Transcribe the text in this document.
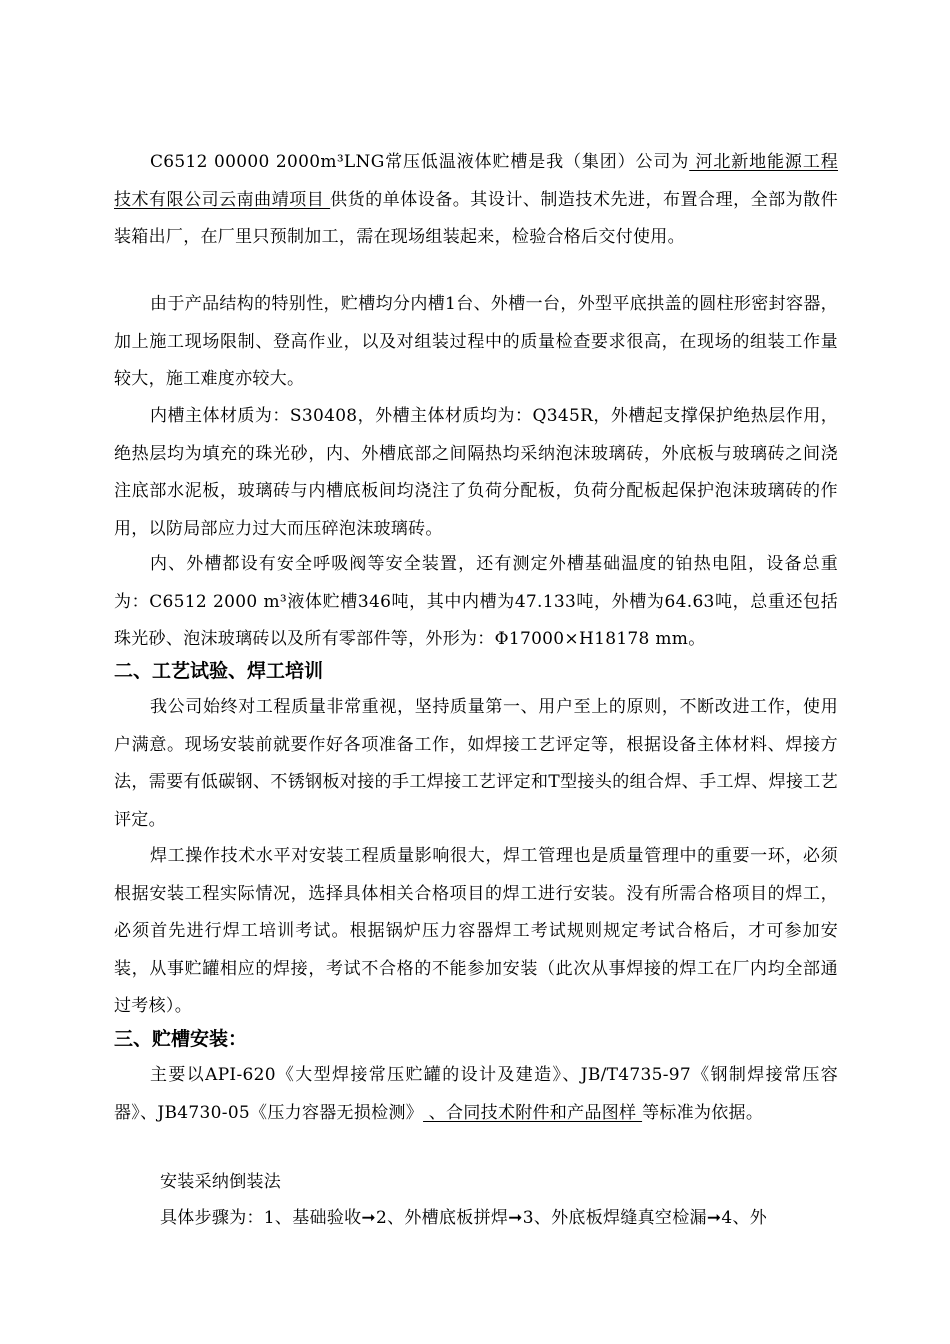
C6512 00000 2000m³LNG常压低温液体贮槽是我（集团）公司为 河北新地能源工程技术有限公司云南曲靖项目 供货的单体设备。其设计、制造技术先进，布置合理，全部为散件装箱出厂，在厂里只预制加工，需在现场组装起来，检验合格后交付使用。

由于产品结构的特别性，贮槽均分内槽1台、外槽一台，外型平底拱盖的圆柱形密封容器，加上施工现场限制、登高作业，以及对组装过程中的质量检查要求很高，在现场的组装工作量较大，施工难度亦较大。

内槽主体材质为：S30408，外槽主体材质均为：Q345R，外槽起支撑保护绝热层作用，绝热层均为填充的珠光砂，内、外槽底部之间隔热均采纳泡沫玻璃砖，外底板与玻璃砖之间浇注底部水泥板，玻璃砖与内槽底板间均浇注了负荷分配板，负荷分配板起保护泡沫玻璃砖的作用，以防局部应力过大而压碎泡沫玻璃砖。

内、外槽都设有安全呼吸阀等安全装置，还有测定外槽基础温度的铂热电阻，设备总重为：C6512 2000 m³液体贮槽346吨，其中内槽为47.133吨，外槽为64.63吨，总重还包括珠光砂、泡沫玻璃砖以及所有零部件等，外形为：Φ17000×H18178 mm。

二、工艺试验、焊工培训

我公司始终对工程质量非常重视，坚持质量第一、用户至上的原则，不断改进工作，使用户满意。现场安装前就要作好各项准备工作，如焊接工艺评定等，根据设备主体材料、焊接方法，需要有低碳钢、不锈钢板对接的手工焊接工艺评定和T型接头的组合焊、手工焊、焊接工艺评定。

焊工操作技术水平对安装工程质量影响很大，焊工管理也是质量管理中的重要一环，必须根据安装工程实际情况，选择具体相关合格项目的焊工进行安装。没有所需合格项目的焊工，必须首先进行焊工培训考试。根据锅炉压力容器焊工考试规则规定考试合格后，才可参加安装，从事贮罐相应的焊接，考试不合格的不能参加安装（此次从事焊接的焊工在厂内均全部通过考核）。

三、贮槽安装：

主要以API-620《大型焊接常压贮罐的设计及建造》、JB/T4735-97《钢制焊接常压容器》、JB4730-05《压力容器无损检测》 、合同技术附件和产品图样 等标准为依据。

安装采纳倒装法

具体步骤为：1、基础验收➞2、外槽底板拼焊➞3、外底板焊缝真空检漏➞4、外
